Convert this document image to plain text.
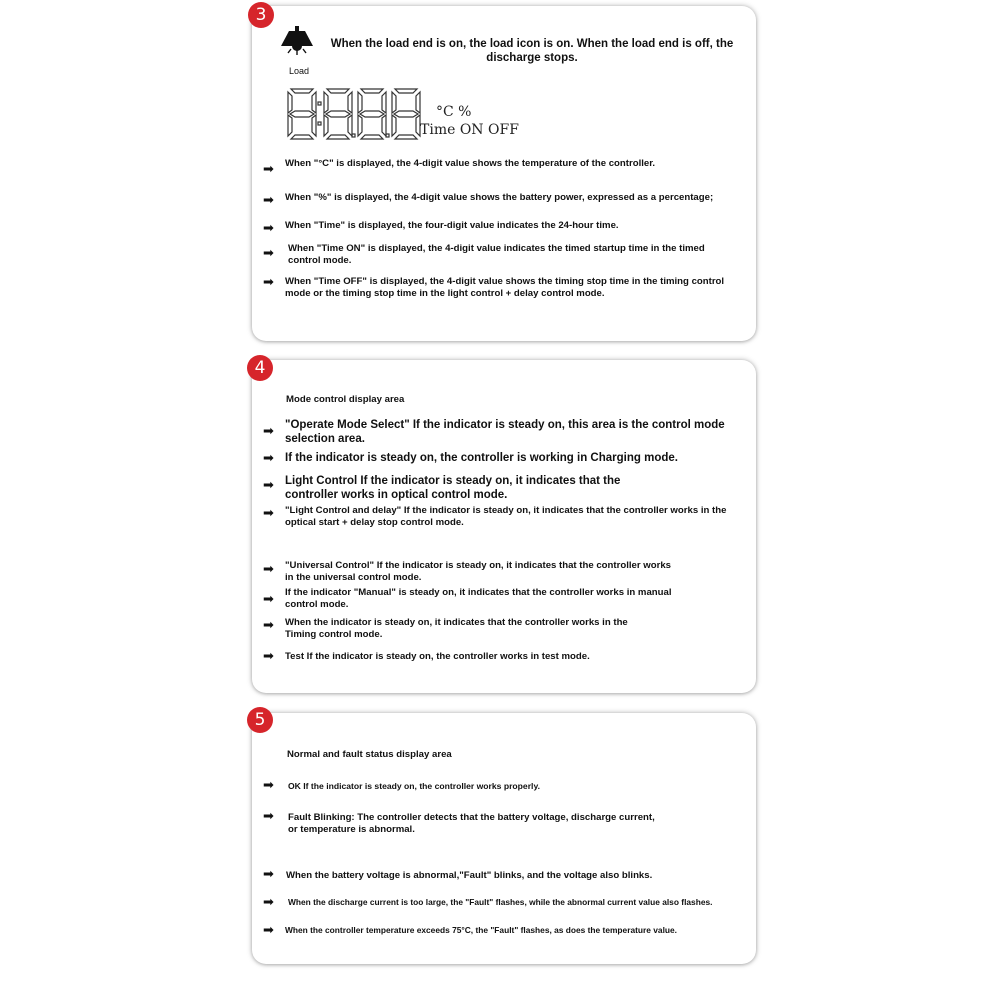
3
Load
When the load end is on, the load icon is on. When the load end is off, the discharge stops.
°C %
Time ON OFF
➡ When "°C" is displayed, the 4-digit value shows the temperature of the controller.
➡ When "%" is displayed, the 4-digit value shows the battery power, expressed as a percentage;
➡ When "Time" is displayed, the four-digit value indicates the 24-hour time.
➡ When "Time ON" is displayed, the 4-digit value indicates the timed startup time in the timed control mode.
➡ When "Time OFF" is displayed, the 4-digit value shows the timing stop time in the timing control mode or the timing stop time in the light control + delay control mode.
4
Mode control display area
➡ "Operate Mode Select" If the indicator is steady on, this area is the control mode selection area.
➡ If the indicator is steady on, the controller is working in Charging mode.
➡ Light Control If the indicator is steady on, it indicates that the controller works in optical control mode.
➡ "Light Control and delay" If the indicator is steady on, it indicates that the controller works in the optical start + delay stop control mode.
➡ "Universal Control" If the indicator is steady on, it indicates that the controller works in the universal control mode.
➡ If the indicator "Manual" is steady on, it indicates that the controller works in manual control mode.
➡ When the indicator is steady on, it indicates that the controller works in the Timing control mode.
➡ Test If the indicator is steady on, the controller works in test mode.
5
Normal and fault status display area
➡ OK If the indicator is steady on, the controller works properly.
➡ Fault Blinking: The controller detects that the battery voltage, discharge current, or temperature is abnormal.
➡ When the battery voltage is abnormal,"Fault" blinks, and the voltage also blinks.
➡ When the discharge current is too large, the "Fault" flashes, while the abnormal current value also flashes.
➡ When the controller temperature exceeds 75°C, the "Fault" flashes, as does the temperature value.
